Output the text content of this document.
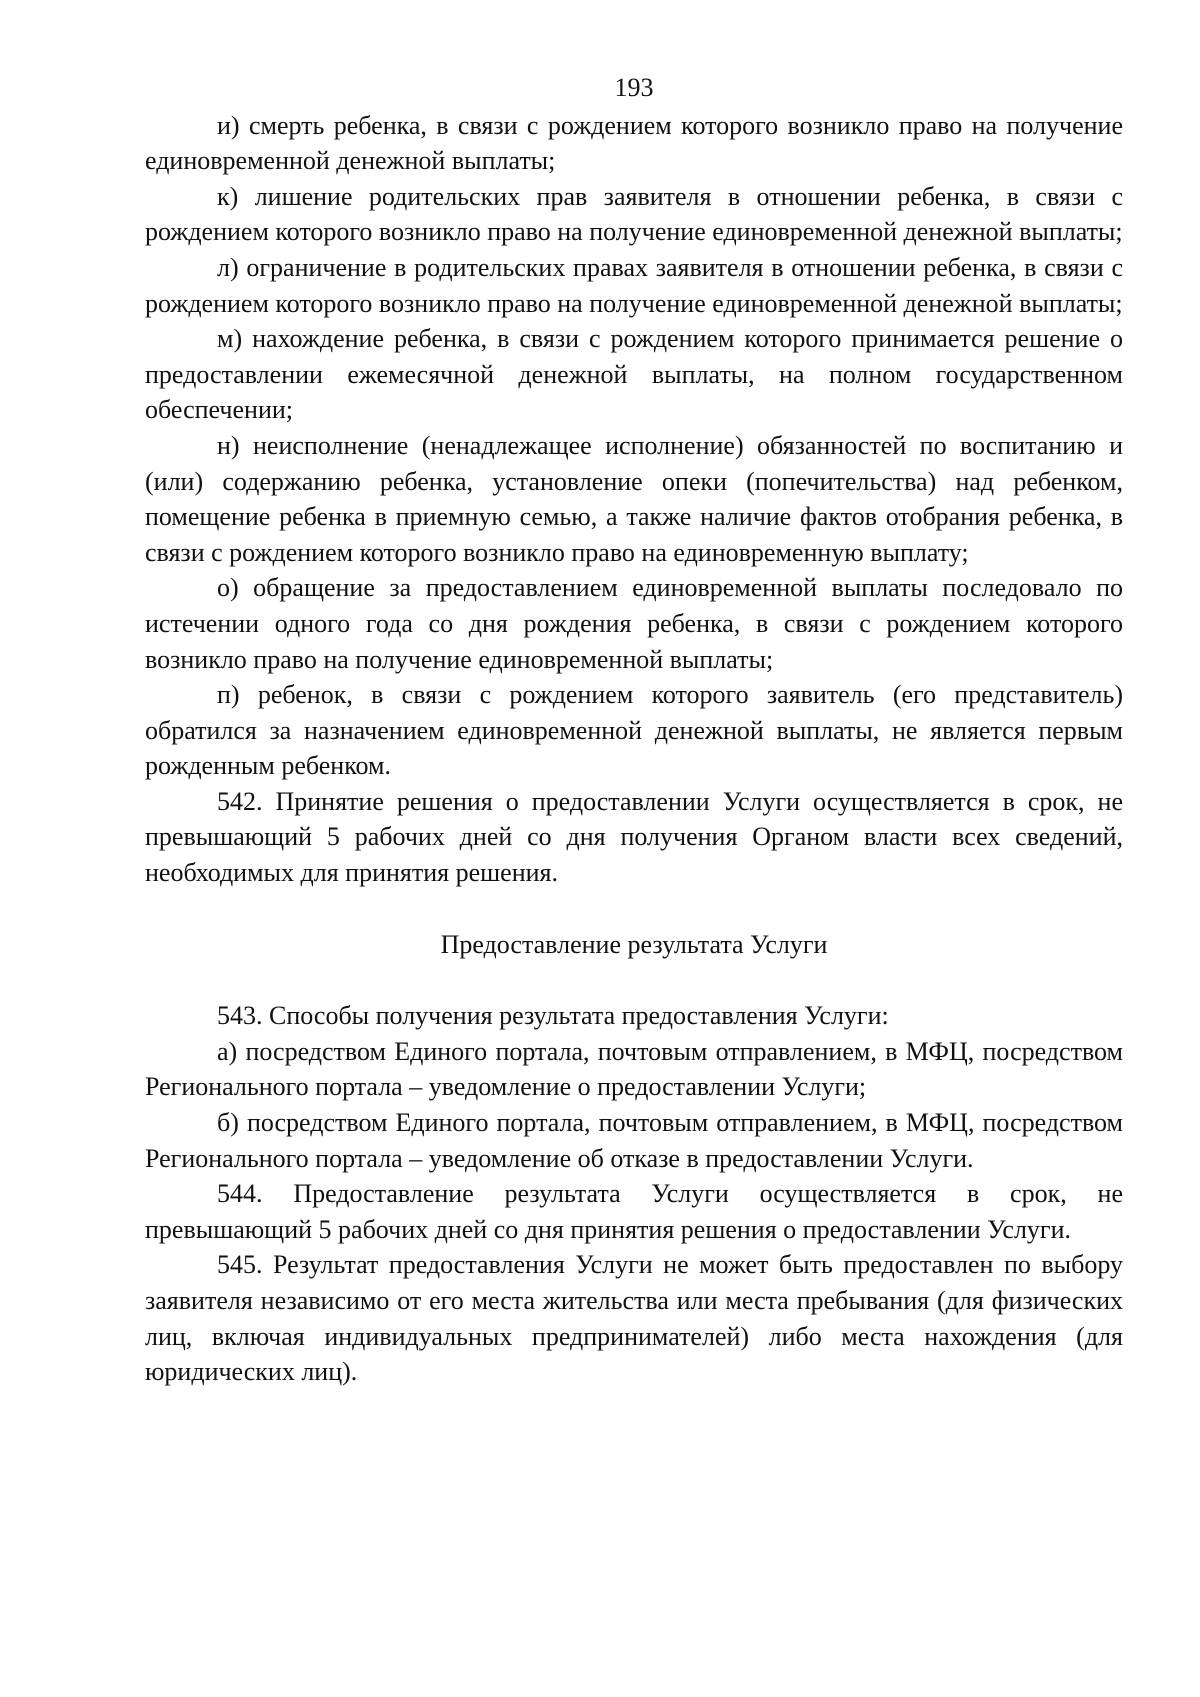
193

и) смерть ребенка, в связи с рождением которого возникло право на получение единовременной денежной выплаты;

к) лишение родительских прав заявителя в отношении ребенка, в связи с рождением которого возникло право на получение единовременной денежной выплаты;

л) ограничение в родительских правах заявителя в отношении ребенка, в связи с рождением которого возникло право на получение единовременной денежной выплаты;

м) нахождение ребенка, в связи с рождением которого принимается решение о предоставлении ежемесячной денежной выплаты, на полном государственном обеспечении;

н) неисполнение (ненадлежащее исполнение) обязанностей по воспитанию и (или) содержанию ребенка, установление опеки (попечительства) над ребенком, помещение ребенка в приемную семью, а также наличие фактов отобрания ребенка, в связи с рождением которого возникло право на единовременную выплату;

о) обращение за предоставлением единовременной выплаты последовало по истечении одного года со дня рождения ребенка, в связи с рождением которого возникло право на получение единовременной выплаты;

п) ребенок, в связи с рождением которого заявитель (его представитель) обратился за назначением единовременной денежной выплаты, не является первым рожденным ребенком.

542. Принятие решения о предоставлении Услуги осуществляется в срок, не превышающий 5 рабочих дней со дня получения Органом власти всех сведений, необходимых для принятия решения.

Предоставление результата Услуги

543. Способы получения результата предоставления Услуги:

а) посредством Единого портала, почтовым отправлением, в МФЦ, посредством Регионального портала – уведомление о предоставлении Услуги;

б) посредством Единого портала, почтовым отправлением, в МФЦ, посредством Регионального портала – уведомление об отказе в предоставлении Услуги.

544. Предоставление результата Услуги осуществляется в срок, не превышающий 5 рабочих дней со дня принятия решения о предоставлении Услуги.

545. Результат предоставления Услуги не может быть предоставлен по выбору заявителя независимо от его места жительства или места пребывания (для физических лиц, включая индивидуальных предпринимателей) либо места нахождения (для юридических лиц).
